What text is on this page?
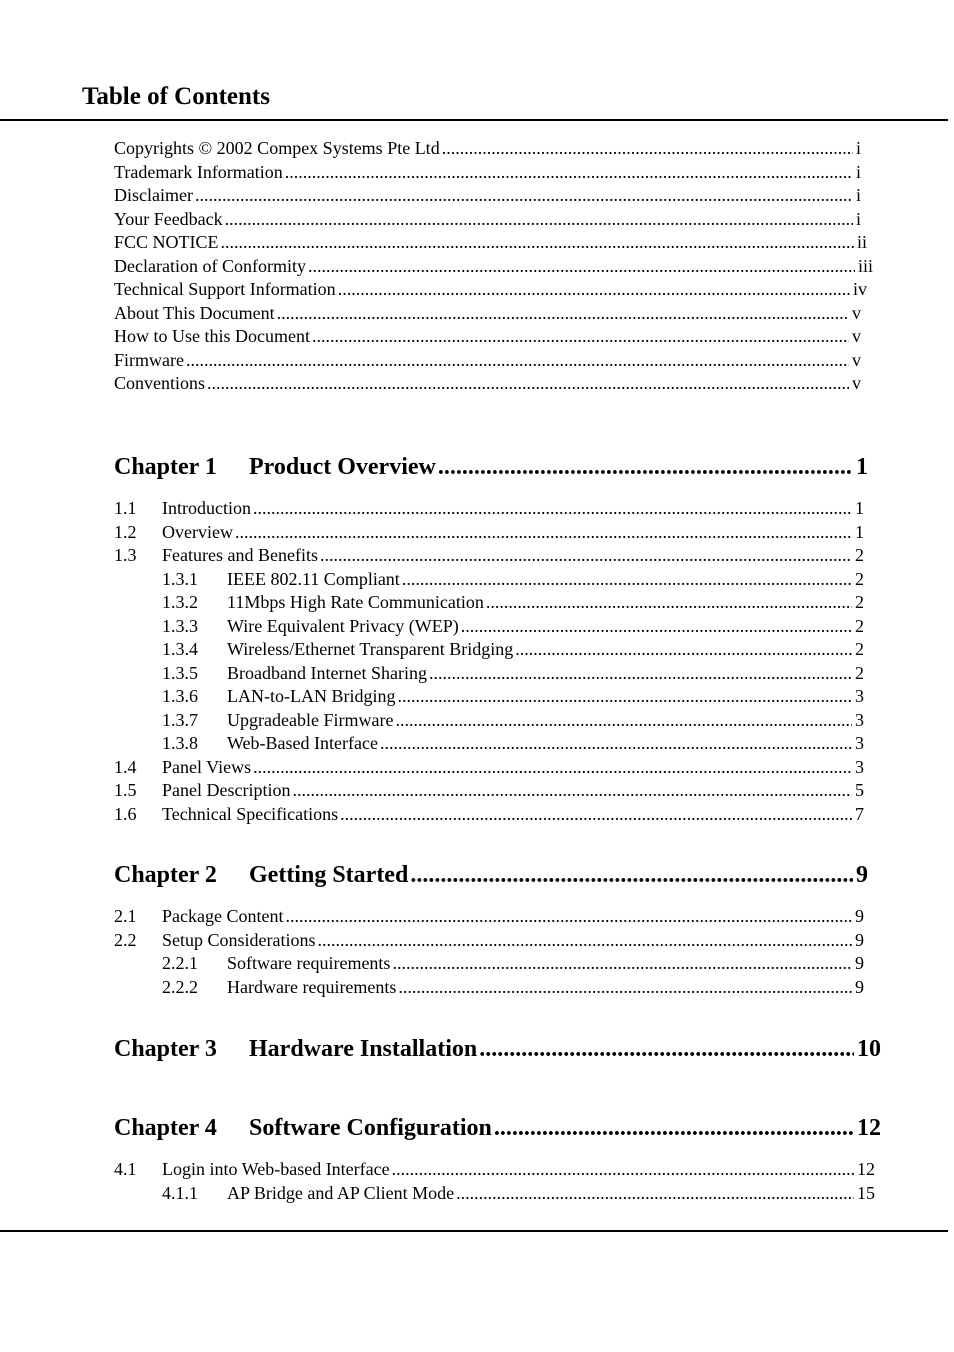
Table of Contents
Copyrights © 2002 Compex Systems Pte Ltd .....	i
Trademark Information .....	i
Disclaimer .....	i
Your Feedback .....	i
FCC NOTICE .....	ii
Declaration of Conformity .....	iii
Technical Support Information .....	iv
About This Document .....	v
How to Use this Document .....	v
Firmware .....	v
Conventions .....	v
Chapter 1	Product Overview .....	1
1.1	Introduction .....	1
1.2	Overview .....	1
1.3	Features and Benefits .....	2
1.3.1	IEEE 802.11 Compliant .....	2
1.3.2	11Mbps High Rate Communication .....	2
1.3.3	Wire Equivalent Privacy (WEP) .....	2
1.3.4	Wireless/Ethernet Transparent Bridging .....	2
1.3.5	Broadband Internet Sharing .....	2
1.3.6	LAN-to-LAN Bridging .....	3
1.3.7	Upgradeable Firmware .....	3
1.3.8	Web-Based Interface .....	3
1.4	Panel Views .....	3
1.5	Panel Description .....	5
1.6	Technical Specifications .....	7
Chapter 2	Getting Started .....	9
2.1	Package Content .....	9
2.2	Setup Considerations .....	9
2.2.1	Software requirements .....	9
2.2.2	Hardware requirements .....	9
Chapter 3	Hardware Installation .....	10
Chapter 4	Software Configuration .....	12
4.1	Login into Web-based Interface .....	12
4.1.1	AP Bridge and AP Client Mode .....	15
